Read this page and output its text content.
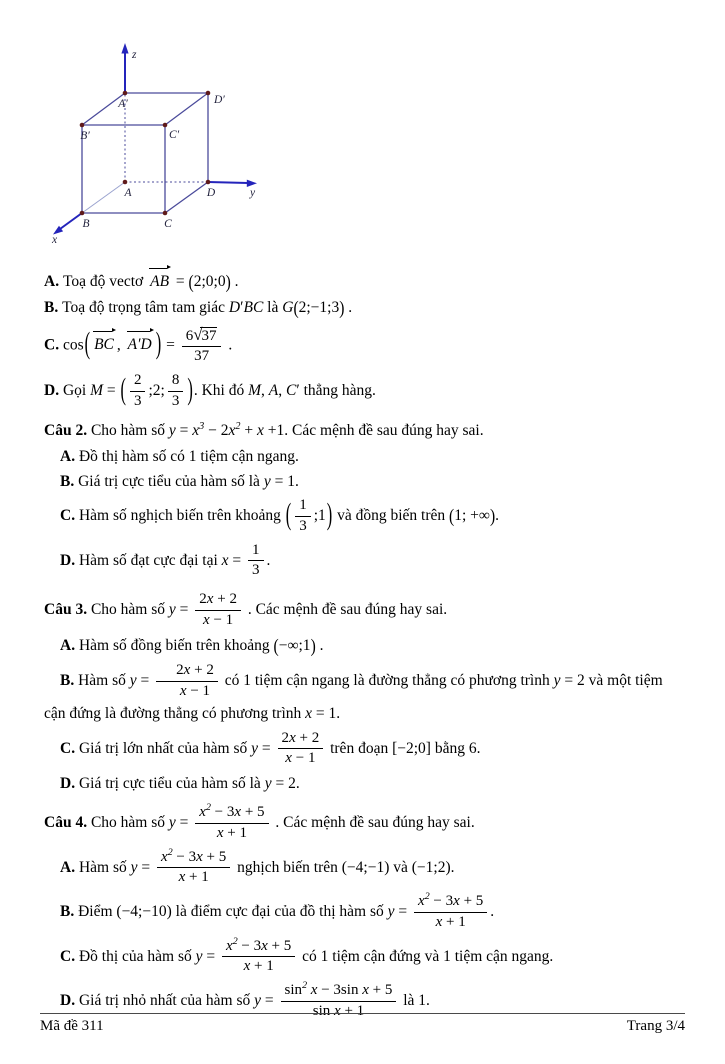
z
y
x
A′	D′
B′	C′
A	D
B	C
A. Toạ độ vectơ AB = (2;0;0) .
B. Toạ độ trọng tâm tam giác D′BC là G(2;−1;3) .
C. cos( BC , A′D ) = $\frac{6√37}{37}$ .
D. Gọi M = ( $\frac{2}{3}$ ;2; $\frac{8}{3}$ ). Khi đó M, A, C′ thẳng hàng.
Câu 2. Cho hàm số $y = x^3 - 2x^2 + x +1$. Các mệnh đề sau đúng hay sai.
A. Đồ thị hàm số có 1 tiệm cận ngang.
B. Giá trị cực tiểu của hàm số là y = 1.
C. Hàm số nghịch biến trên khoảng ( $\frac{1}{3}$ ;1) và đồng biến trên (1; +∞).
D. Hàm số đạt cực đại tại $x = \frac{1}{3}$ .
Câu 3. Cho hàm số $y = \frac{2x + 2}{x - 1}$ . Các mệnh đề sau đúng hay sai.
A. Hàm số đồng biến trên khoảng (−∞;1) .
B. Hàm số $y = \frac{2x + 2}{x - 1}$ có 1 tiệm cận ngang là đường thẳng có phương trình y = 2 và một tiệm cận đứng là đường thẳng có phương trình x = 1.
C. Giá trị lớn nhất của hàm số $y = \frac{2x + 2}{x - 1}$ trên đoạn [−2;0] bằng 6.
D. Giá trị cực tiểu của hàm số là y = 2.
Câu 4. Cho hàm số $y = \frac{x^2 - 3x + 5}{x + 1}$ . Các mệnh đề sau đúng hay sai.
A. Hàm số $y = \frac{x^2 - 3x + 5}{x + 1}$ nghịch biến trên (−4;−1) và (−1;2).
B. Điểm (−4;−10) là điểm cực đại của đồ thị hàm số $y = \frac{x^2 - 3x + 5}{x + 1}$ .
C. Đồ thị của hàm số $y = \frac{x^2 - 3x + 5}{x + 1}$ có 1 tiệm cận đứng và 1 tiệm cận ngang.
D. Giá trị nhỏ nhất của hàm số $y = \frac{\sin^2 x - 3\sin x + 5}{\text{sin x + 1}}$ là 1.
Mã đề 311	Trang 3/4
